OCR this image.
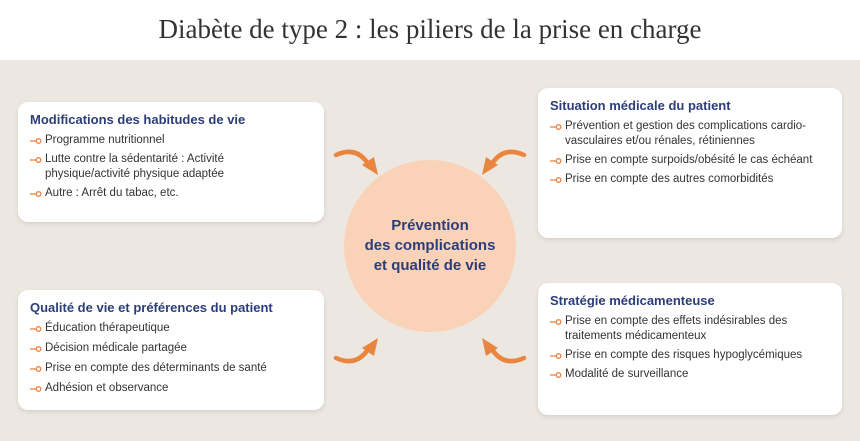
Diabète de type 2 : les piliers de la prise en charge
Modifications des habitudes de vie
Programme nutritionnel
Lutte contre la sédentarité : Activité physique/activité physique adaptée
Autre : Arrêt du tabac, etc.
Situation médicale du patient
Prévention et gestion des complications cardio-vasculaires et/ou rénales, rétiniennes
Prise en compte surpoids/obésité le cas échéant
Prise en compte des autres comorbidités
Qualité de vie et préférences du patient
Éducation thérapeutique
Décision médicale partagée
Prise en compte des déterminants de santé
Adhésion et observance
Stratégie médicamenteuse
Prise en compte des effets indésirables des traitements médicamenteux
Prise en compte des risques hypoglycémiques
Modalité de surveillance
Prévention
des complications
et qualité de vie
